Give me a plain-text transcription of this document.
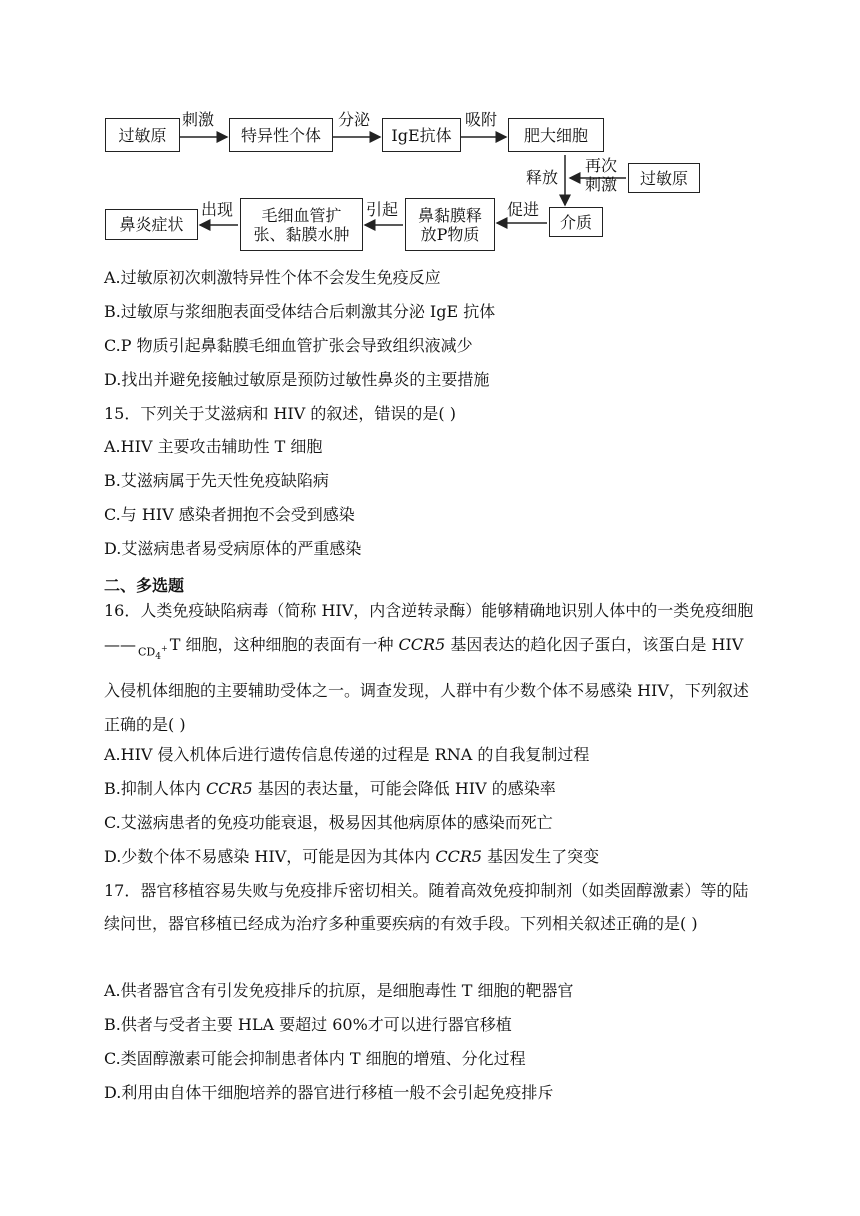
过敏原	特异性个体	IgE抗体	肥大细胞
刺激	分泌	吸附
释放
再次刺激	过敏原
鼻炎症状	毛细血管扩张、黏膜水肿
鼻黏膜释放P物质
介质
出现	引起	促进
A.过敏原初次刺激特异性个体不会发生免疫反应
B.过敏原与浆细胞表面受体结合后刺激其分泌 IgE 抗体
C.P 物质引起鼻黏膜毛细血管扩张会导致组织液减少
D.找出并避免接触过敏原是预防过敏性鼻炎的主要措施
15．下列关于艾滋病和 HIV 的叙述，错误的是( )
A.HIV 主要攻击辅助性 T 细胞
B.艾滋病属于先天性免疫缺陷病
C.与 HIV 感染者拥抱不会受到感染
D.艾滋病患者易受病原体的严重感染
二、多选题
16．人类免疫缺陷病毒（简称 HIV，内含逆转录酶）能够精确地识别人体中的一类免疫细胞—— $CD_4^+$ T 细胞，这种细胞的表面有一种 CCR5 基因表达的趋化因子蛋白，该蛋白是 HIV 入侵机体细胞的主要辅助受体之一。调查发现，人群中有少数个体不易感染 HIV，下列叙述正确的是( )
A.HIV 侵入机体后进行遗传信息传递的过程是 RNA 的自我复制过程
B.抑制人体内 CCR5 基因的表达量，可能会降低 HIV 的感染率
C.艾滋病患者的免疫功能衰退，极易因其他病原体的感染而死亡
D.少数个体不易感染 HIV，可能是因为其体内 CCR5 基因发生了突变
17．器官移植容易失败与免疫排斥密切相关。随着高效免疫抑制剂（如类固醇激素）等的陆续问世，器官移植已经成为治疗多种重要疾病的有效手段。下列相关叙述正确的是( )
A.供者器官含有引发免疫排斥的抗原，是细胞毒性 T 细胞的靶器官
B.供者与受者主要 HLA 要超过 60%才可以进行器官移植
C.类固醇激素可能会抑制患者体内 T 细胞的增殖、分化过程
D.利用由自体干细胞培养的器官进行移植一般不会引起免疫排斥
